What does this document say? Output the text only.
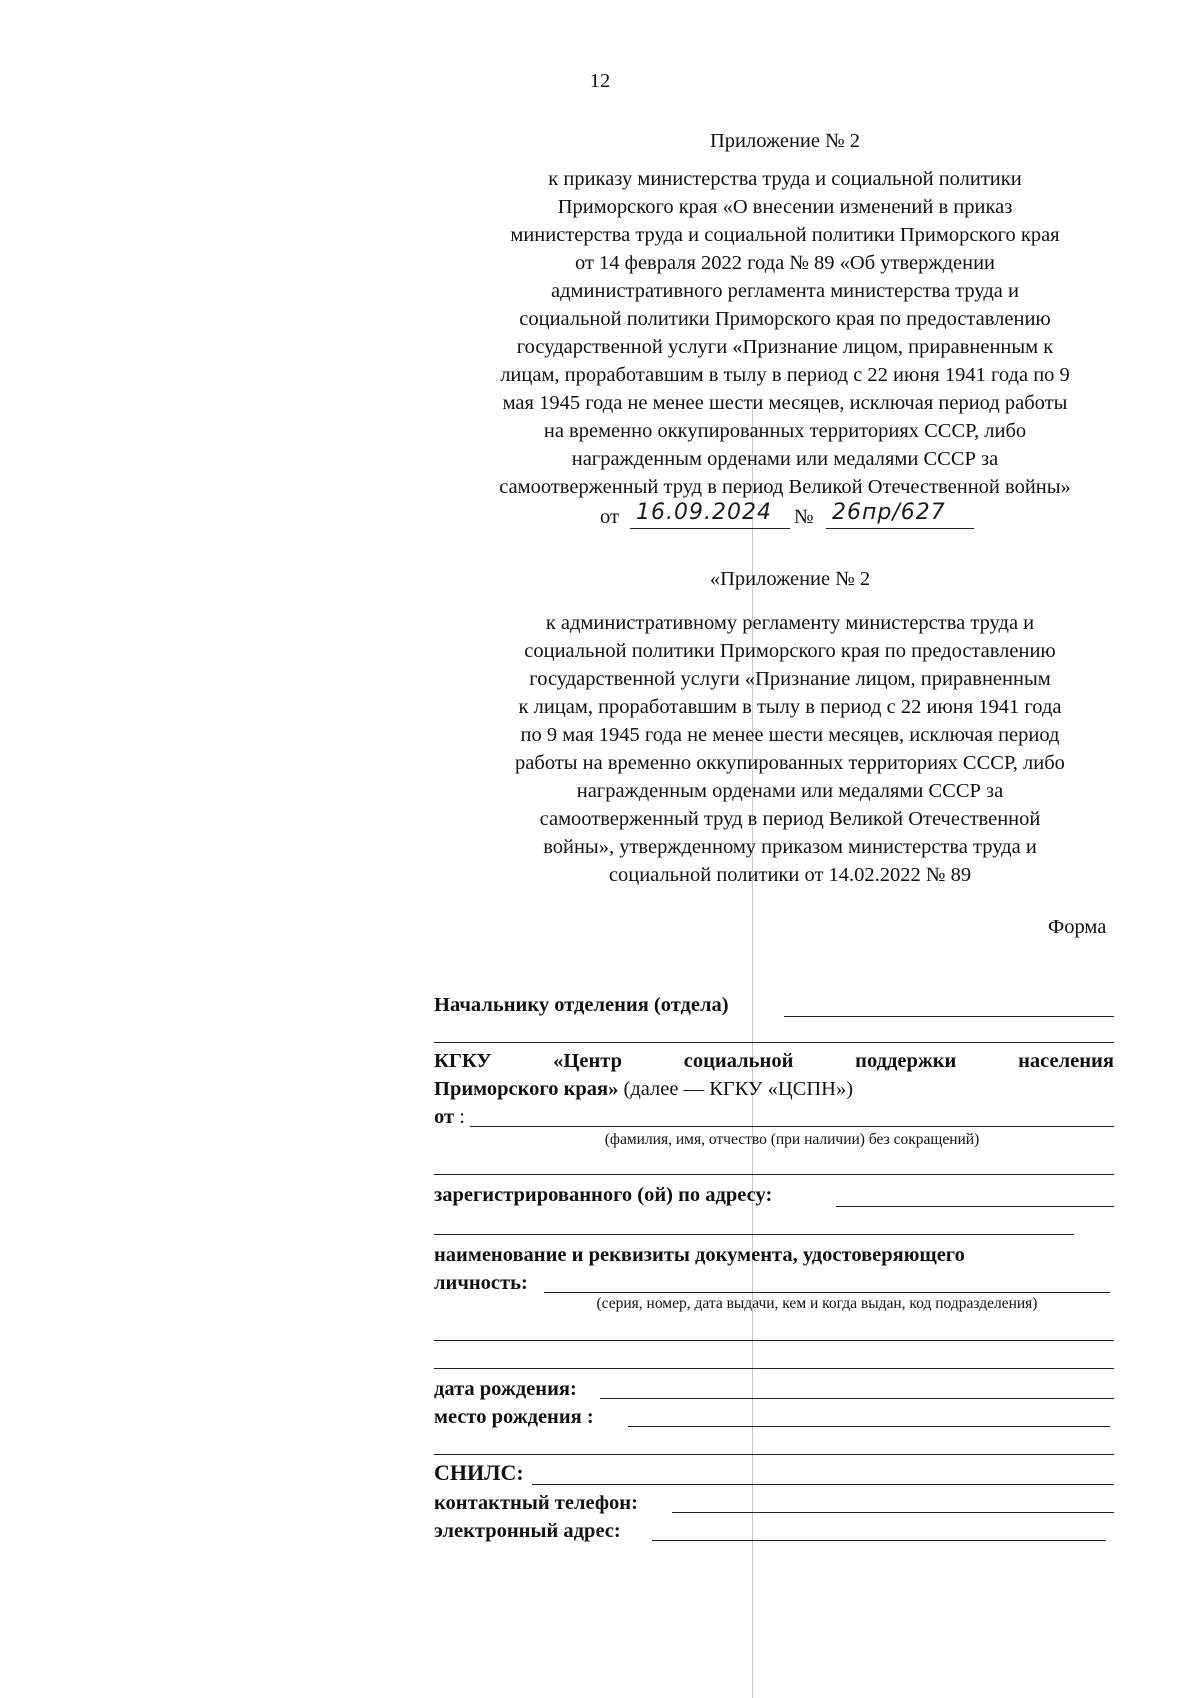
12
Приложение № 2
к приказу министерства труда и социальной политики
Приморского края «О внесении изменений в приказ
министерства труда и социальной политики Приморского края
от 14 февраля 2022 года № 89 «Об утверждении
административного регламента министерства труда и
социальной политики Приморского края по предоставлению
государственной услуги «Признание лицом, приравненным к
лицам, проработавшим в тылу в период с 22 июня 1941 года по 9
мая 1945 года не менее шести месяцев, исключая период работы
на временно оккупированных территориях СССР, либо
награжденным орденами или медалями СССР за
самоотверженный труд в период Великой Отечественной войны»
от 16.09.2024 № 26пр/627
«Приложение № 2
к административному регламенту министерства труда и
социальной политики Приморского края по предоставлению
государственной услуги «Признание лицом, приравненным
к лицам, проработавшим в тылу в период с 22 июня 1941 года
по 9 мая 1945 года не менее шести месяцев, исключая период
работы на временно оккупированных территориях СССР, либо
награжденным орденами или медалями СССР за
самоотверженный труд в период Великой Отечественной
войны», утвержденному приказом министерства труда и
социальной политики от 14.02.2022 № 89
Форма
Начальнику отделения (отдела)
КГКУ	«Центр	социальной	поддержки	населения
Приморского края» (далее — КГКУ «ЦСПН»)
от :
(фамилия, имя, отчество (при наличии) без сокращений)
зарегистрированного (ой) по адресу:
наименование и реквизиты документа, удостоверяющего
личность:
(серия, номер, дата выдачи, кем и когда выдан, код подразделения)
дата рождения:
место рождения :
СНИЛС:
контактный телефон:
электронный адрес:
